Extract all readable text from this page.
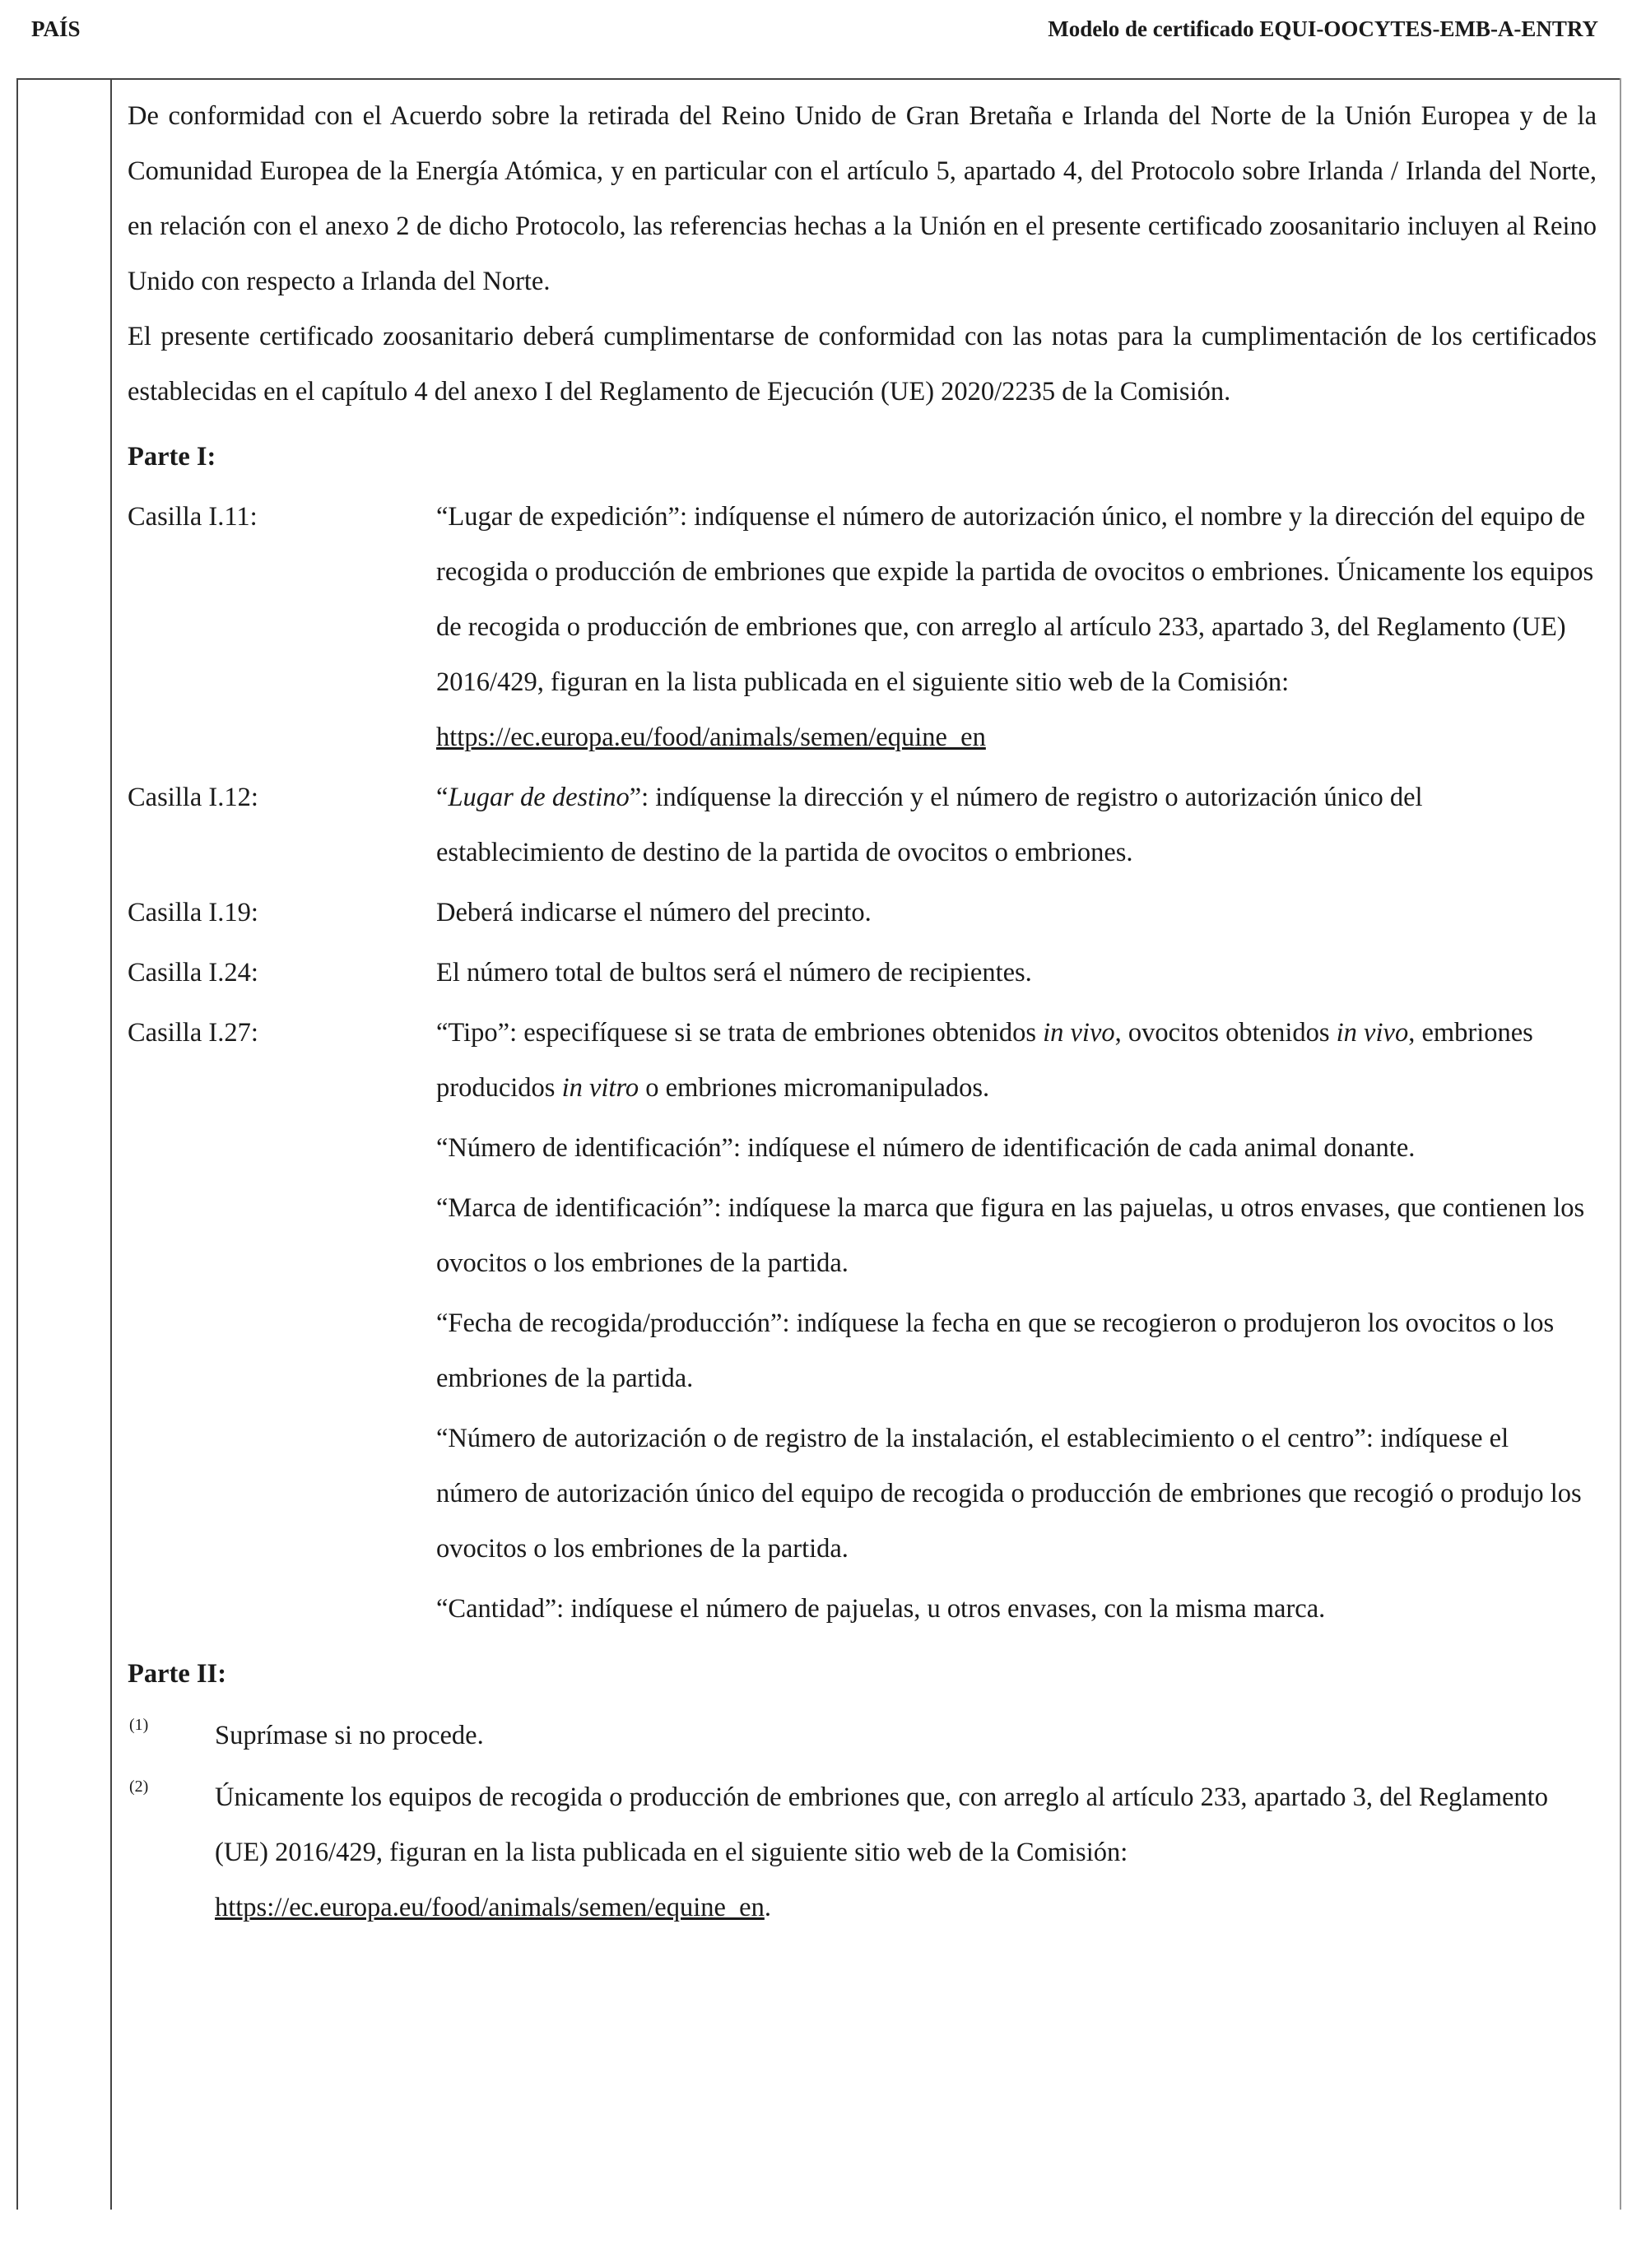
PAÍS	Modelo de certificado EQUI-OOCYTES-EMB-A-ENTRY

De conformidad con el Acuerdo sobre la retirada del Reino Unido de Gran Bretaña e Irlanda del Norte de la Unión Europea y de la Comunidad Europea de la Energía Atómica, y en particular con el artículo 5, apartado 4, del Protocolo sobre Irlanda / Irlanda del Norte, en relación con el anexo 2 de dicho Protocolo, las referencias hechas a la Unión en el presente certificado zoosanitario incluyen al Reino Unido con respecto a Irlanda del Norte.

El presente certificado zoosanitario deberá cumplimentarse de conformidad con las notas para la cumplimentación de los certificados establecidas en el capítulo 4 del anexo I del Reglamento de Ejecución (UE) 2020/2235 de la Comisión.

Parte I:
Casilla I.11:	“Lugar de expedición”: indíquense el número de autorización único, el nombre y la dirección del equipo de recogida o producción de embriones que expide la partida de ovocitos o embriones. Únicamente los equipos de recogida o producción de embriones que, con arreglo al artículo 233, apartado 3, del Reglamento (UE) 2016/429, figuran en la lista publicada en el siguiente sitio web de la Comisión:
https://ec.europa.eu/food/animals/semen/equine_en
Casilla I.12:	“Lugar de destino”: indíquense la dirección y el número de registro o autorización único del establecimiento de destino de la partida de ovocitos o embriones.
Casilla I.19:	Deberá indicarse el número del precinto.
Casilla I.24:	El número total de bultos será el número de recipientes.
Casilla I.27:	“Tipo”: especifíquese si se trata de embriones obtenidos in vivo, ovocitos obtenidos in vivo, embriones producidos in vitro o embriones micromanipulados.
“Número de identificación”: indíquese el número de identificación de cada animal donante.
“Marca de identificación”: indíquese la marca que figura en las pajuelas, u otros envases, que contienen los ovocitos o los embriones de la partida.
“Fecha de recogida/producción”: indíquese la fecha en que se recogieron o produjeron los ovocitos o los embriones de la partida.
“Número de autorización o de registro de la instalación, el establecimiento o el centro”: indíquese el número de autorización único del equipo de recogida o producción de embriones que recogió o produjo los ovocitos o los embriones de la partida.
“Cantidad”: indíquese el número de pajuelas, u otros envases, con la misma marca.
Parte II:
(1)	Suprímase si no procede.
(2)	Únicamente los equipos de recogida o producción de embriones que, con arreglo al artículo 233, apartado 3, del Reglamento (UE) 2016/429, figuran en la lista publicada en el siguiente sitio web de la Comisión: https://ec.europa.eu/food/animals/semen/equine_en.
